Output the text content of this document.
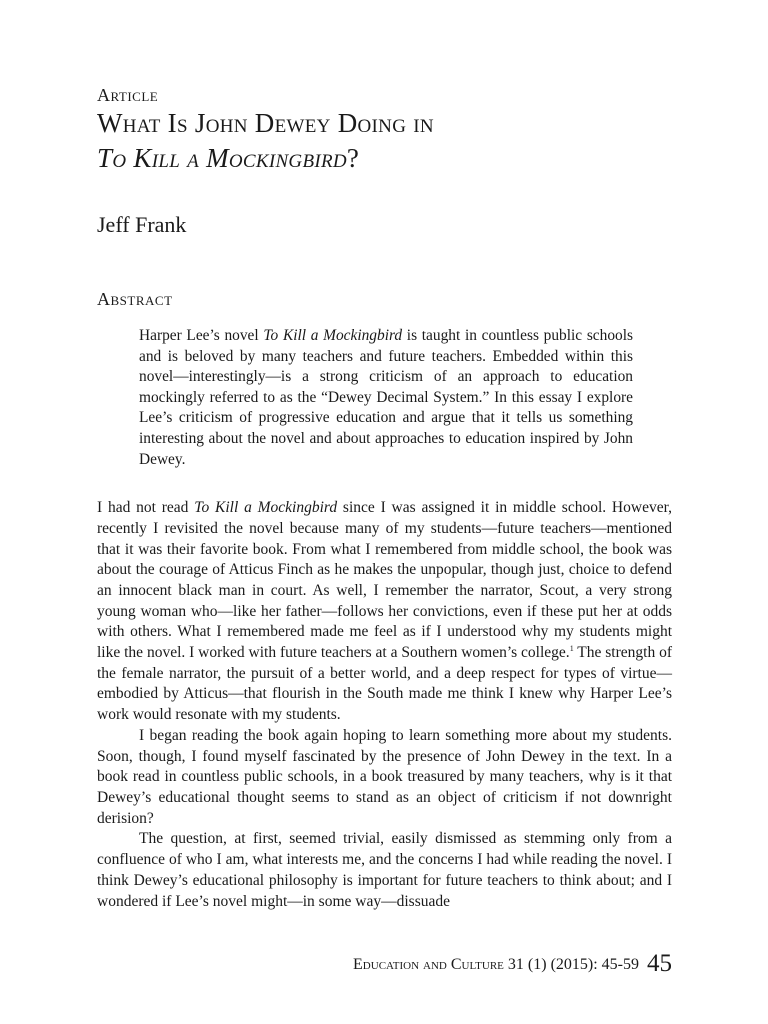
Article

What Is John Dewey Doing in
To Kill a Mockingbird?

Jeff Frank

Abstract

Harper Lee’s novel To Kill a Mockingbird is taught in countless public schools and is beloved by many teachers and future teachers. Embedded within this novel—interestingly—is a strong criticism of an approach to education mockingly referred to as the “Dewey Decimal System.” In this essay I explore Lee’s criticism of progressive education and argue that it tells us something interesting about the novel and about approaches to education inspired by John Dewey.

I had not read To Kill a Mockingbird since I was assigned it in middle school. However, recently I revisited the novel because many of my students—future teachers—mentioned that it was their favorite book. From what I remembered from middle school, the book was about the courage of Atticus Finch as he makes the unpopular, though just, choice to defend an innocent black man in court. As well, I remember the narrator, Scout, a very strong young woman who—like her father—follows her convictions, even if these put her at odds with others. What I remembered made me feel as if I understood why my students might like the novel. I worked with future teachers at a Southern women’s college.$^1$ The strength of the female narrator, the pursuit of a better world, and a deep respect for types of virtue—embodied by Atticus—that flourish in the South made me think I knew why Harper Lee’s work would resonate with my students.

I began reading the book again hoping to learn something more about my students. Soon, though, I found myself fascinated by the presence of John Dewey in the text. In a book read in countless public schools, in a book treasured by many teachers, why is it that Dewey’s educational thought seems to stand as an object of criticism if not downright derision?

The question, at first, seemed trivial, easily dismissed as stemming only from a confluence of who I am, what interests me, and the concerns I had while reading the novel. I think Dewey’s educational philosophy is important for future teachers to think about; and I wondered if Lee’s novel might—in some way—dissuade

Education and Culture 31 (1) (2015): 45-59 45
